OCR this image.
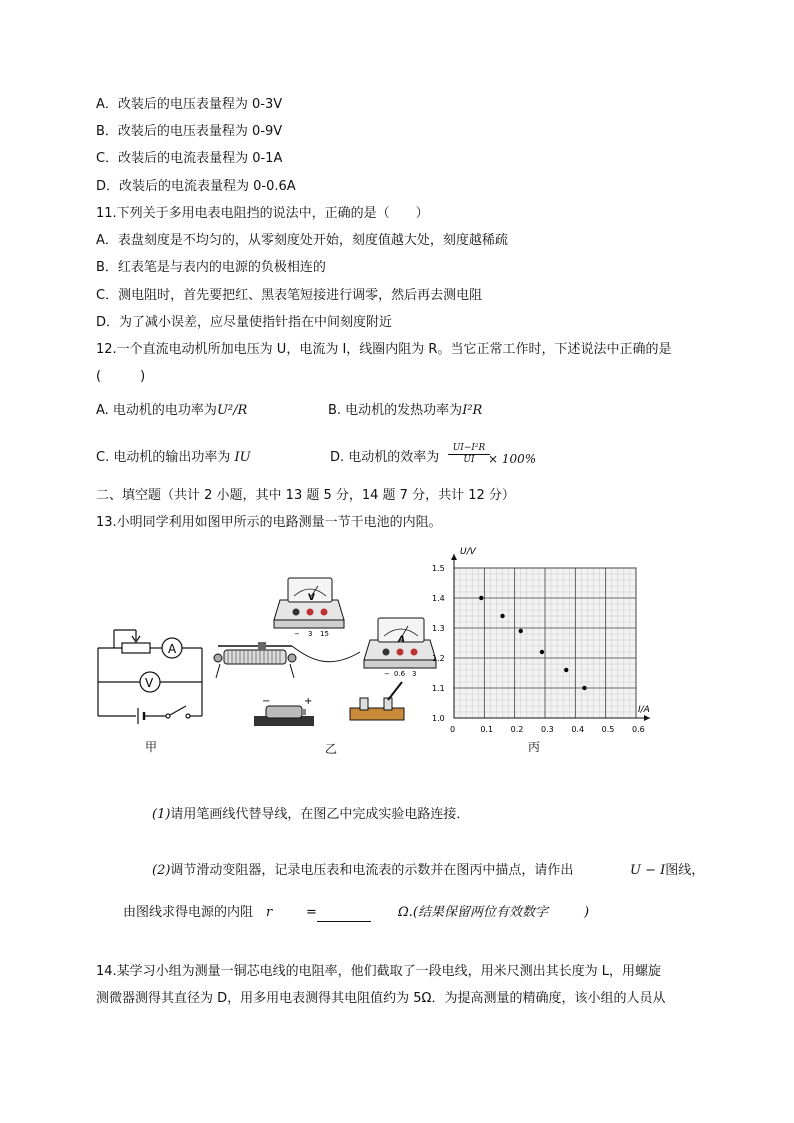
A．改装后的电压表量程为 0-3V
B．改装后的电压表量程为 0-9V
C．改装后的电流表量程为 0-1A
D．改装后的电流表量程为 0-0.6A
11.下列关于多用电表电阻挡的说法中，正确的是（　　）
A．表盘刻度是不均匀的，从零刻度处开始，刻度值越大处，刻度越稀疏
B．红表笔是与表内的电源的负极相连的
C．测电阻时，首先要把红、黑表笔短接进行调零，然后再去测电阻
D．为了减小误差，应尽量使指针指在中间刻度附近
12.一个直流电动机所加电压为 U，电流为 I，线圈内阻为 R。当它正常工作时，下述说法中正确的是
(　　　)
A. 电动机的电功率为U²/R	B. 电动机的发热功率为I²R
C. 电动机的输出功率为 IU	D. 电动机的效率为 $\frac{\text{UI−I²R}}{UI}$
× 100%
二、填空题（共计 2 小题，其中 13 题 5 分，14 题 7 分，共计 12 分）
13.小明同学利用如图甲所示的电路测量一节干电池的内阻。
A
V
V
− 3 15
A
− 0.6 3
−	+
0	0.1 0.2 0.3 0.4 0.5 0.6
1.0
1.1
1.2
1.3
1.4
1.5
U/V
I/A
甲	乙	丙
(1)请用笔画线代替导线，在图乙中完成实验电路连接．
(2)调节滑动变阻器，记录电压表和电流表的示数并在图丙中描点，请作出	U − I图线，
由图线求得电源的内阻 r	=	Ω.(结果保留两位有效数字	)
14.某学习小组为测量一铜芯电线的电阻率，他们截取了一段电线，用米尺测出其长度为 L，用螺旋
测微器测得其直径为 D，用多用电表测得其电阻值约为 5Ω．为提高测量的精确度，该小组的人员从
